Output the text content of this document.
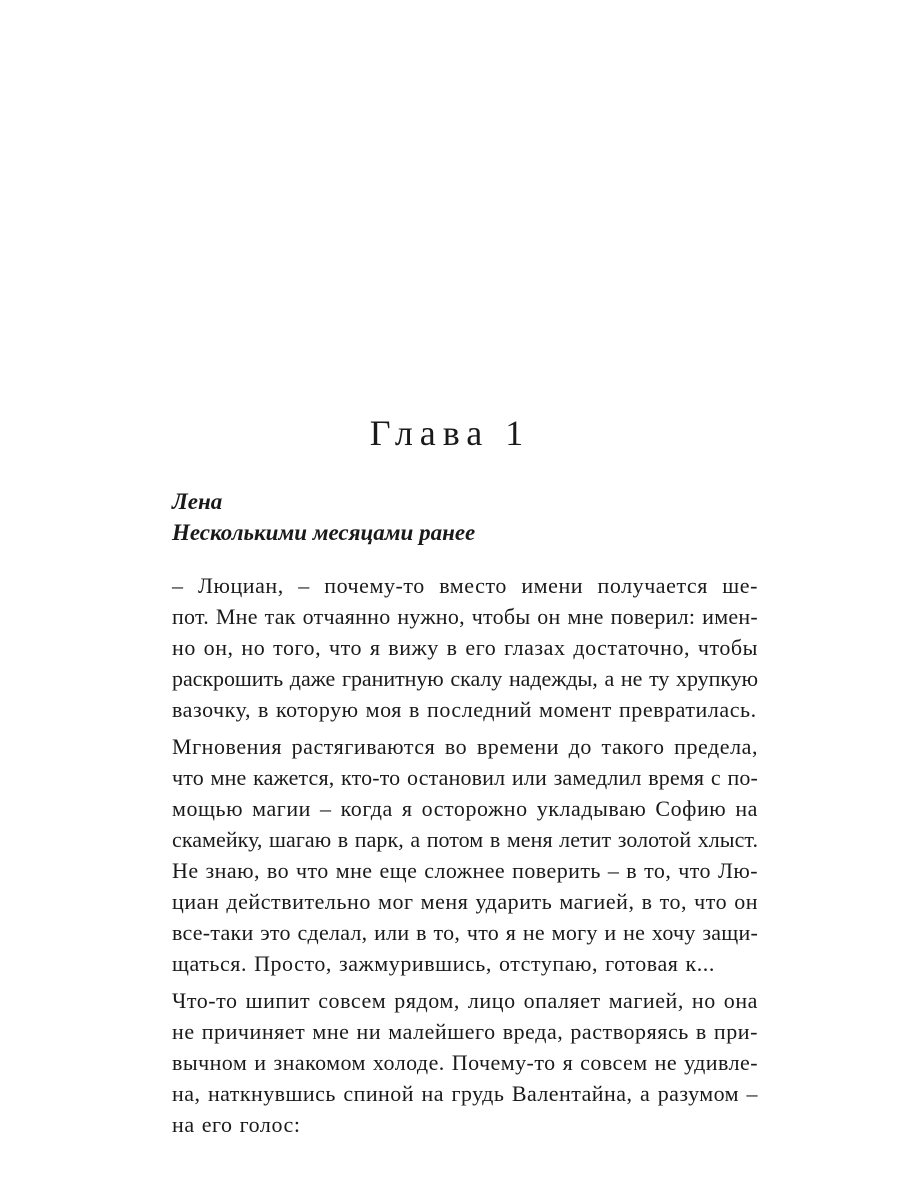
Глава 1
Лена
Несколькими месяцами ранее
– Люциан, – почему-то вместо имени получается ше-
пот. Мне так отчаянно нужно, чтобы он мне поверил: имен-
но он, но того, что я вижу в его глазах достаточно, чтобы
раскрошить даже гранитную скалу надежды, а не ту хрупкую
вазочку, в которую моя в последний момент превратилась.
Мгновения растягиваются во времени до такого предела,
что мне кажется, кто-то остановил или замедлил время с по-
мощью магии – когда я осторожно укладываю Софию на
скамейку, шагаю в парк, а потом в меня летит золотой хлыст.
Не знаю, во что мне еще сложнее поверить – в то, что Лю-
циан действительно мог меня ударить магией, в то, что он
все-таки это сделал, или в то, что я не могу и не хочу защи-
щаться. Просто, зажмурившись, отступаю, готовая к...
Что-то шипит совсем рядом, лицо опаляет магией, но она
не причиняет мне ни малейшего вреда, растворяясь в при-
вычном и знакомом холоде. Почему-то я совсем не удивле-
на, наткнувшись спиной на грудь Валентайна, а разумом –
на его голос:
